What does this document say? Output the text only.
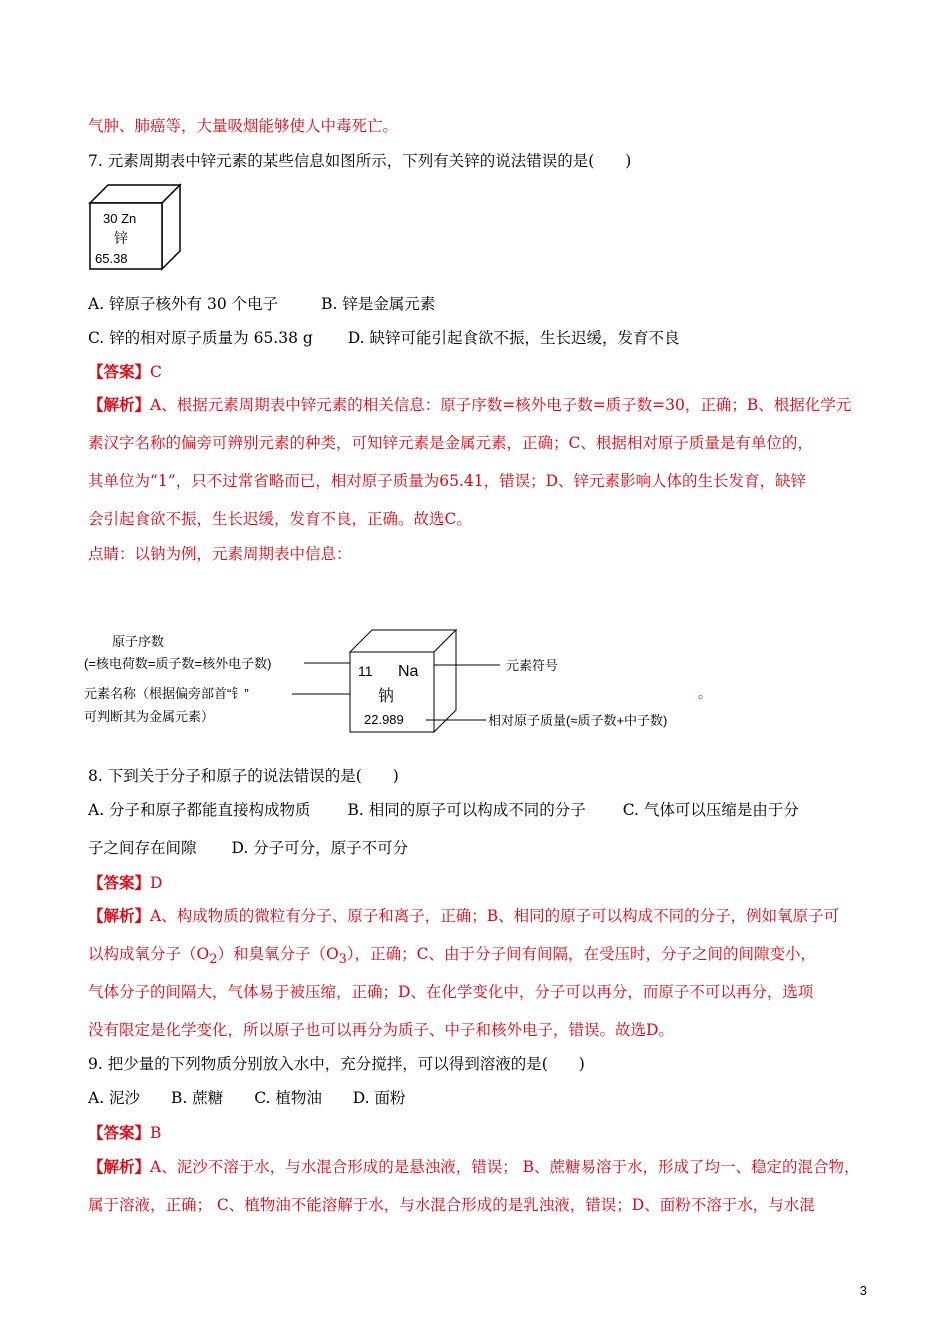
气肿、肺癌等，大量吸烟能够使人中毒死亡。
7. 元素周期表中锌元素的某些信息如图所示，下列有关锌的说法错误的是(　　)
30 Zn
锌
65.38
A. 锌原子核外有 30 个电子	B. 锌是金属元素
C. 锌的相对原子质量为 65.38 g D. 缺锌可能引起食欲不振，生长迟缓，发育不良
【答案】C
【解析】A、根据元素周期表中锌元素的相关信息：原子序数=核外电子数=质子数=30，正确；B、根据化学元
素汉字名称的偏旁可辨别元素的种类，可知锌元素是金属元素，正确；C、根据相对原子质量是有单位的，
其单位为“1”，只不过常省略而已，相对原子质量为65.41，错误；D、锌元素影响人体的生长发育，缺锌
会引起食欲不振，生长迟缓，发育不良，正确。故选C。
点睛：以钠为例，元素周期表中信息：
原子序数
(=核电荷数=质子数=核外电子数)
元素名称（根据偏旁部首“钅”
可判断其为金属元素）
11 Na
钠
22.989
元素符号
相对原子质量(≈质子数+中子数)
。
8. 下到关于分子和原子的说法错误的是(　　)
A. 分子和原子都能直接构成物质 B. 相同的原子可以构成不同的分子 C. 气体可以压缩是由于分
子之间存在间隙 D. 分子可分，原子不可分
【答案】D
【解析】A、构成物质的微粒有分子、原子和离子，正确；B、相同的原子可以构成不同的分子，例如氧原子可
以构成氧分子$(O_2)$和臭氧分子$(O_3)$，正确；C、由于分子间有间隔，在受压时，分子之间的间隙变小，
气体分子的间隔大，气体易于被压缩，正确；D、在化学变化中，分子可以再分，而原子不可以再分，选项
没有限定是化学变化，所以原子也可以再分为质子、中子和核外电子，错误。故选D。
9. 把少量的下列物质分别放入水中，充分搅拌，可以得到溶液的是(　　)
A. 泥沙 B. 蔗糖 C. 植物油 D. 面粉
【答案】B
【解析】A、泥沙不溶于水，与水混合形成的是悬浊液，错误； B、蔗糖易溶于水，形成了均一、稳定的混合物，
属于溶液，正确； C、植物油不能溶解于水，与水混合形成的是乳浊液，错误；D、面粉不溶于水，与水混
3
